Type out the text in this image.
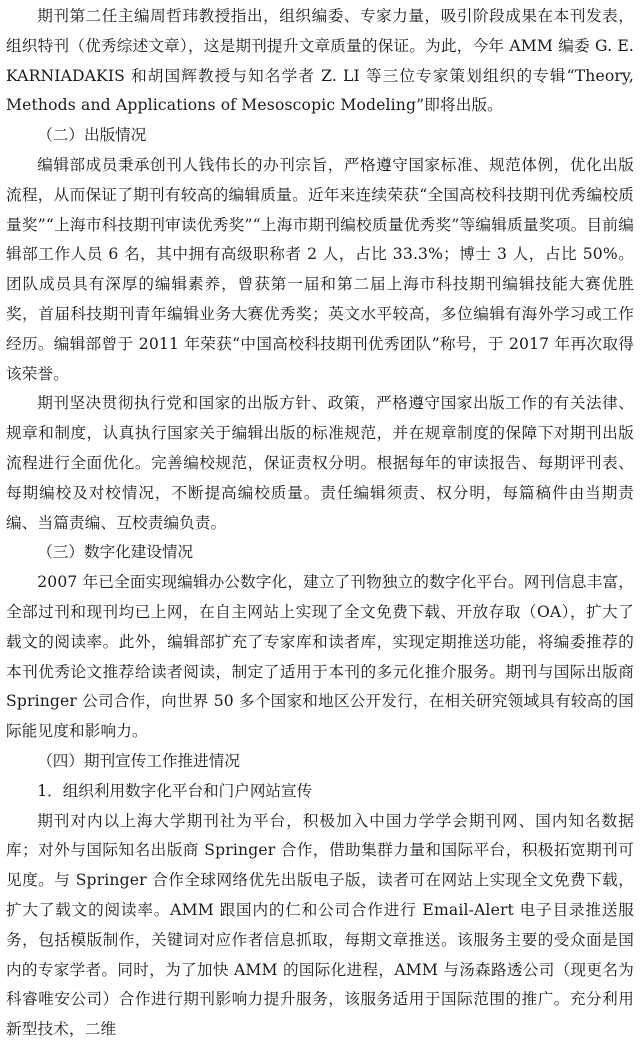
期刊第二任主编周哲玮教授指出，组织编委、专家力量，吸引阶段成果在本刊发表，组织特刊（优秀综述文章），这是期刊提升文章质量的保证。为此，今年 AMM 编委 G. E. KARNIADAKIS 和胡国辉教授与知名学者 Z. LI 等三位专家策划组织的专辑“Theory, Methods and Applications of Mesoscopic Modeling”即将出版。

（二）出版情况

编辑部成员秉承创刊人钱伟长的办刊宗旨，严格遵守国家标准、规范体例，优化出版流程，从而保证了期刊有较高的编辑质量。近年来连续荣获“全国高校科技期刊优秀编校质量奖”“上海市科技期刊审读优秀奖”“上海市期刊编校质量优秀奖”等编辑质量奖项。目前编辑部工作人员 6 名，其中拥有高级职称者 2 人，占比 33.3%；博士 3 人，占比 50%。团队成员具有深厚的编辑素养，曾获第一届和第二届上海市科技期刊编辑技能大赛优胜奖，首届科技期刊青年编辑业务大赛优秀奖；英文水平较高，多位编辑有海外学习或工作经历。编辑部曾于 2011 年荣获“中国高校科技期刊优秀团队”称号，于 2017 年再次取得该荣誉。

期刊坚决贯彻执行党和国家的出版方针、政策，严格遵守国家出版工作的有关法律、规章和制度，认真执行国家关于编辑出版的标准规范，并在规章制度的保障下对期刊出版流程进行全面优化。完善编校规范，保证责权分明。根据每年的审读报告、每期评刊表、每期编校及对校情况，不断提高编校质量。责任编辑须责、权分明，每篇稿件由当期责编、当篇责编、互校责编负责。

（三）数字化建设情况

2007 年已全面实现编辑办公数字化，建立了刊物独立的数字化平台。网刊信息丰富，全部过刊和现刊均已上网，在自主网站上实现了全文免费下载、开放存取（OA），扩大了载文的阅读率。此外，编辑部扩充了专家库和读者库，实现定期推送功能，将编委推荐的本刊优秀论文推荐给读者阅读，制定了适用于本刊的多元化推介服务。期刊与国际出版商 Springer 公司合作，向世界 50 多个国家和地区公开发行，在相关研究领域具有较高的国际能见度和影响力。

（四）期刊宣传工作推进情况

1．组织利用数字化平台和门户网站宣传

期刊对内以上海大学期刊社为平台，积极加入中国力学学会期刊网、国内知名数据库；对外与国际知名出版商 Springer 合作，借助集群力量和国际平台，积极拓宽期刊可见度。与 Springer 合作全球网络优先出版电子版，读者可在网站上实现全文免费下载，扩大了载文的阅读率。AMM 跟国内的仁和公司合作进行 Email-Alert 电子目录推送服务，包括模版制作，关键词对应作者信息抓取，每期文章推送。该服务主要的受众面是国内的专家学者。同时，为了加快 AMM 的国际化进程，AMM 与汤森路透公司（现更名为科睿唯安公司）合作进行期刊影响力提升服务，该服务适用于国际范围的推广。充分利用新型技术，二维
